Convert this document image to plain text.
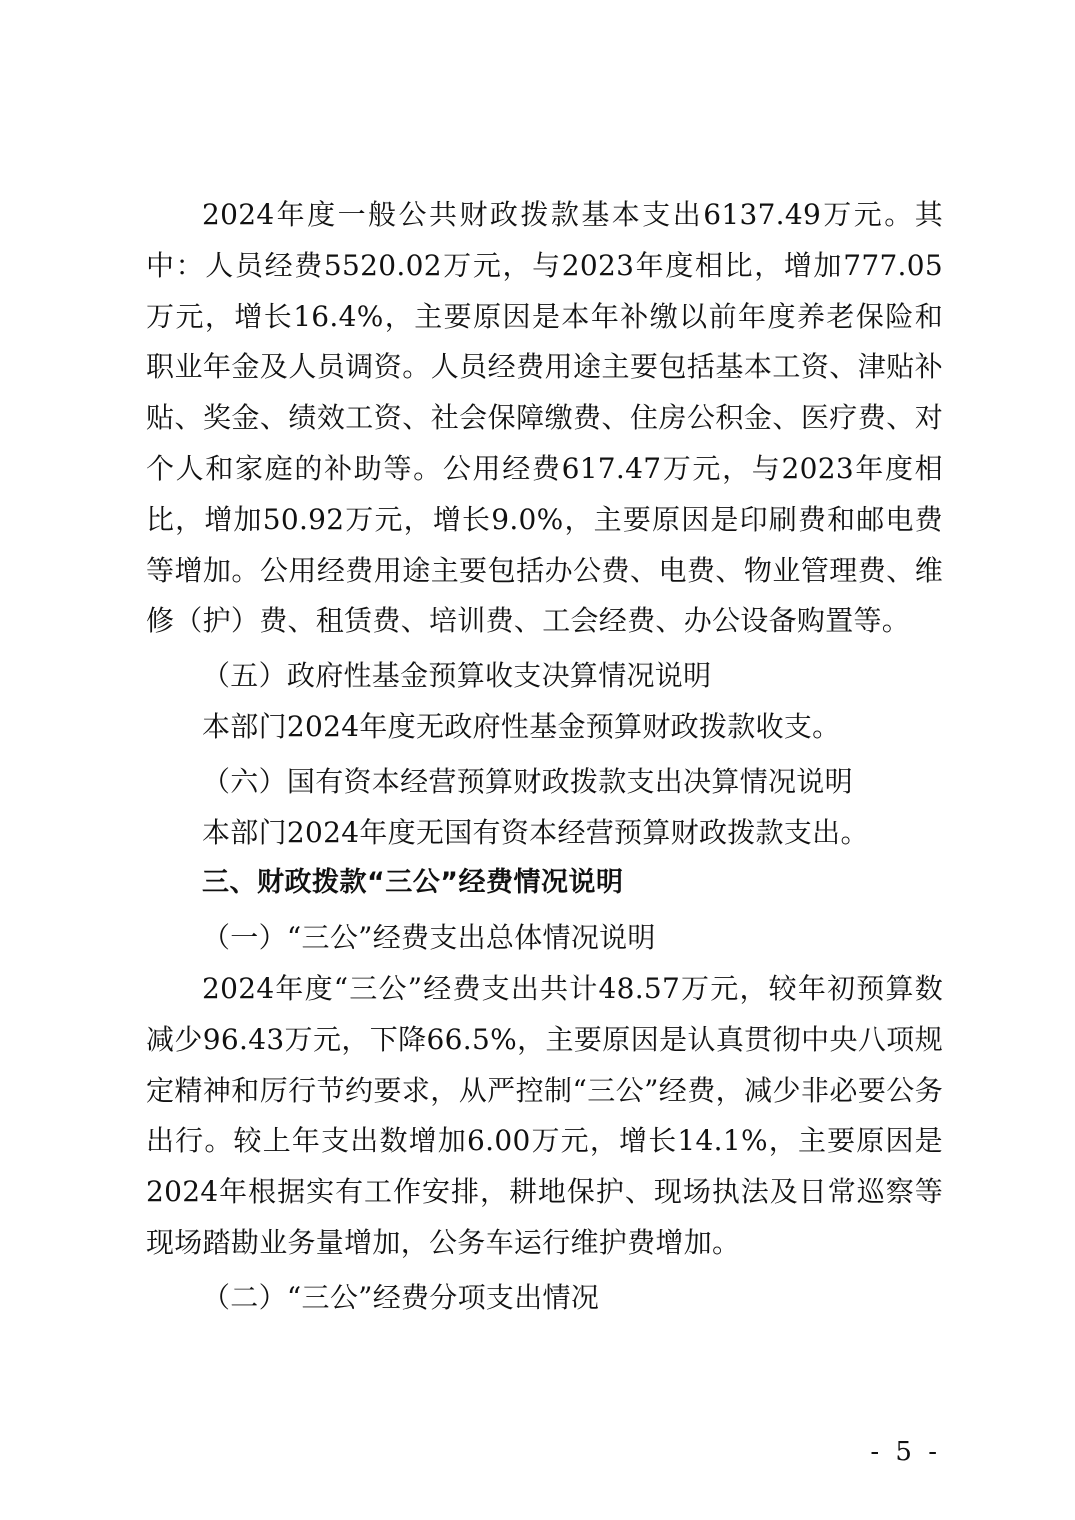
2024年度一般公共财政拨款基本支出6137.49万元。其中：人员经费5520.02万元，与2023年度相比，增加777.05万元，增长16.4%，主要原因是本年补缴以前年度养老保险和职业年金及人员调资。人员经费用途主要包括基本工资、津贴补贴、奖金、绩效工资、社会保障缴费、住房公积金、医疗费、对个人和家庭的补助等。公用经费617.47万元，与2023年度相比，增加50.92万元，增长9.0%，主要原因是印刷费和邮电费等增加。公用经费用途主要包括办公费、电费、物业管理费、维修（护）费、租赁费、培训费、工会经费、办公设备购置等。

（五）政府性基金预算收支决算情况说明

本部门2024年度无政府性基金预算财政拨款收支。

（六）国有资本经营预算财政拨款支出决算情况说明

本部门2024年度无国有资本经营预算财政拨款支出。

三、财政拨款“三公”经费情况说明

（一）“三公”经费支出总体情况说明

2024年度“三公”经费支出共计48.57万元，较年初预算数减少96.43万元，下降66.5%，主要原因是认真贯彻中央八项规定精神和厉行节约要求，从严控制“三公”经费，减少非必要公务出行。较上年支出数增加6.00万元，增长14.1%，主要原因是2024年根据实有工作安排，耕地保护、现场执法及日常巡察等现场踏勘业务量增加，公务车运行维护费增加。

（二）“三公”经费分项支出情况

- 5 -
